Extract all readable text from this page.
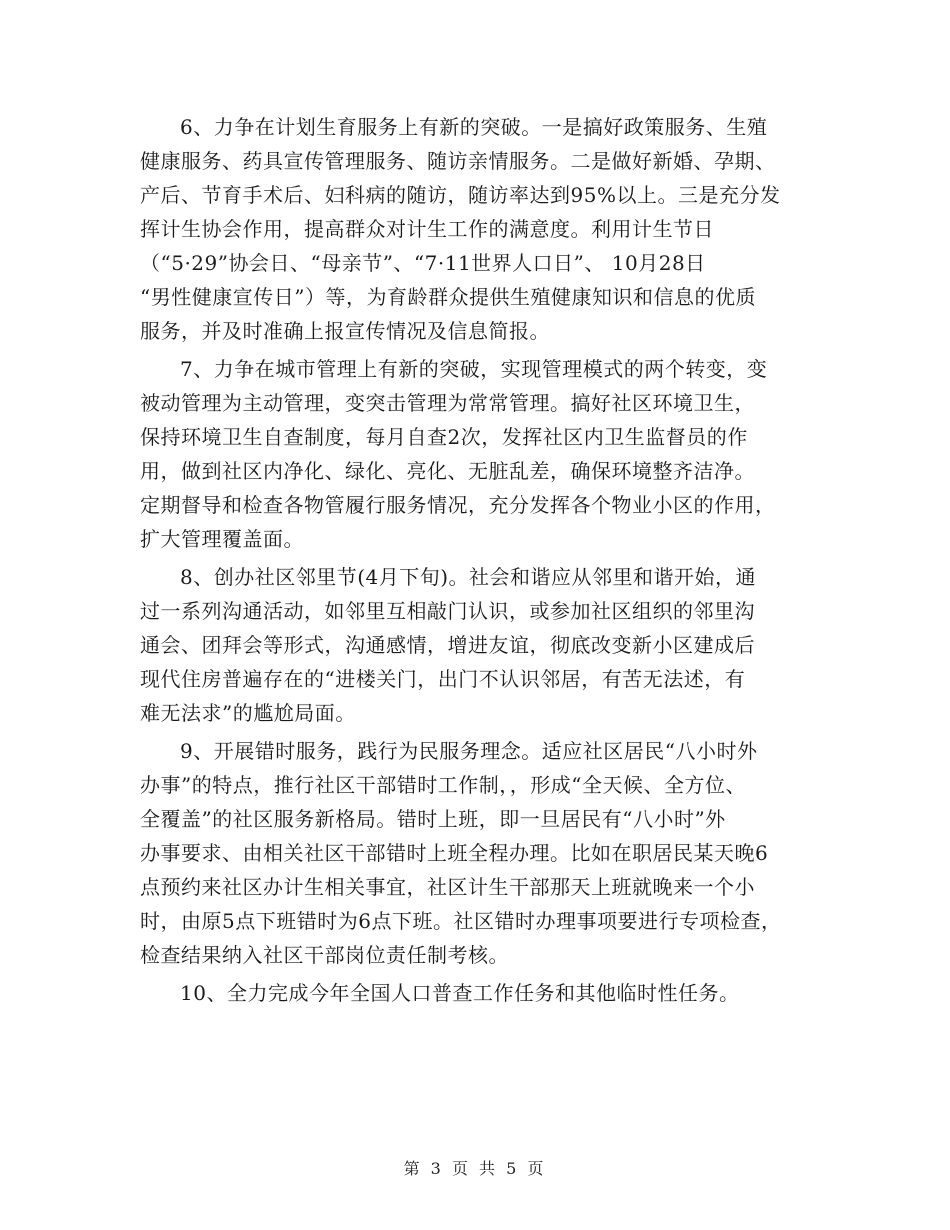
6、力争在计划生育服务上有新的突破。一是搞好政策服务、生殖
健康服务、药具宣传管理服务、随访亲情服务。二是做好新婚、孕期、
产后、节育手术后、妇科病的随访，随访率达到95%以上。三是充分发
挥计生协会作用，提高群众对计生工作的满意度。利用计生节日
（“5·29”协会日、“母亲节”、“7·11世界人口日”、 10月28日
“男性健康宣传日”）等，为育龄群众提供生殖健康知识和信息的优质
服务，并及时准确上报宣传情况及信息简报。
7、力争在城市管理上有新的突破，实现管理模式的两个转变，变
被动管理为主动管理，变突击管理为常常管理。搞好社区环境卫生，
保持环境卫生自查制度，每月自查2次，发挥社区内卫生监督员的作
用，做到社区内净化、绿化、亮化、无脏乱差，确保环境整齐洁净。
定期督导和检查各物管履行服务情况，充分发挥各个物业小区的作用，
扩大管理覆盖面。
8、创办社区邻里节(4月下旬)。社会和谐应从邻里和谐开始，通
过一系列沟通活动，如邻里互相敲门认识，或参加社区组织的邻里沟
通会、团拜会等形式，沟通感情，增进友谊，彻底改变新小区建成后
现代住房普遍存在的“进楼关门，出门不认识邻居，有苦无法述，有
难无法求”的尴尬局面。
9、开展错时服务，践行为民服务理念。适应社区居民“八小时外
办事”的特点，推行社区干部错时工作制，，形成“全天候、全方位、
全覆盖”的社区服务新格局。错时上班，即一旦居民有“八小时”外
办事要求、由相关社区干部错时上班全程办理。比如在职居民某天晚6
点预约来社区办计生相关事宜，社区计生干部那天上班就晚来一个小
时，由原5点下班错时为6点下班。社区错时办理事项要进行专项检查，
检查结果纳入社区干部岗位责任制考核。
10、全力完成今年全国人口普查工作任务和其他临时性任务。
第 3 页 共 5 页
